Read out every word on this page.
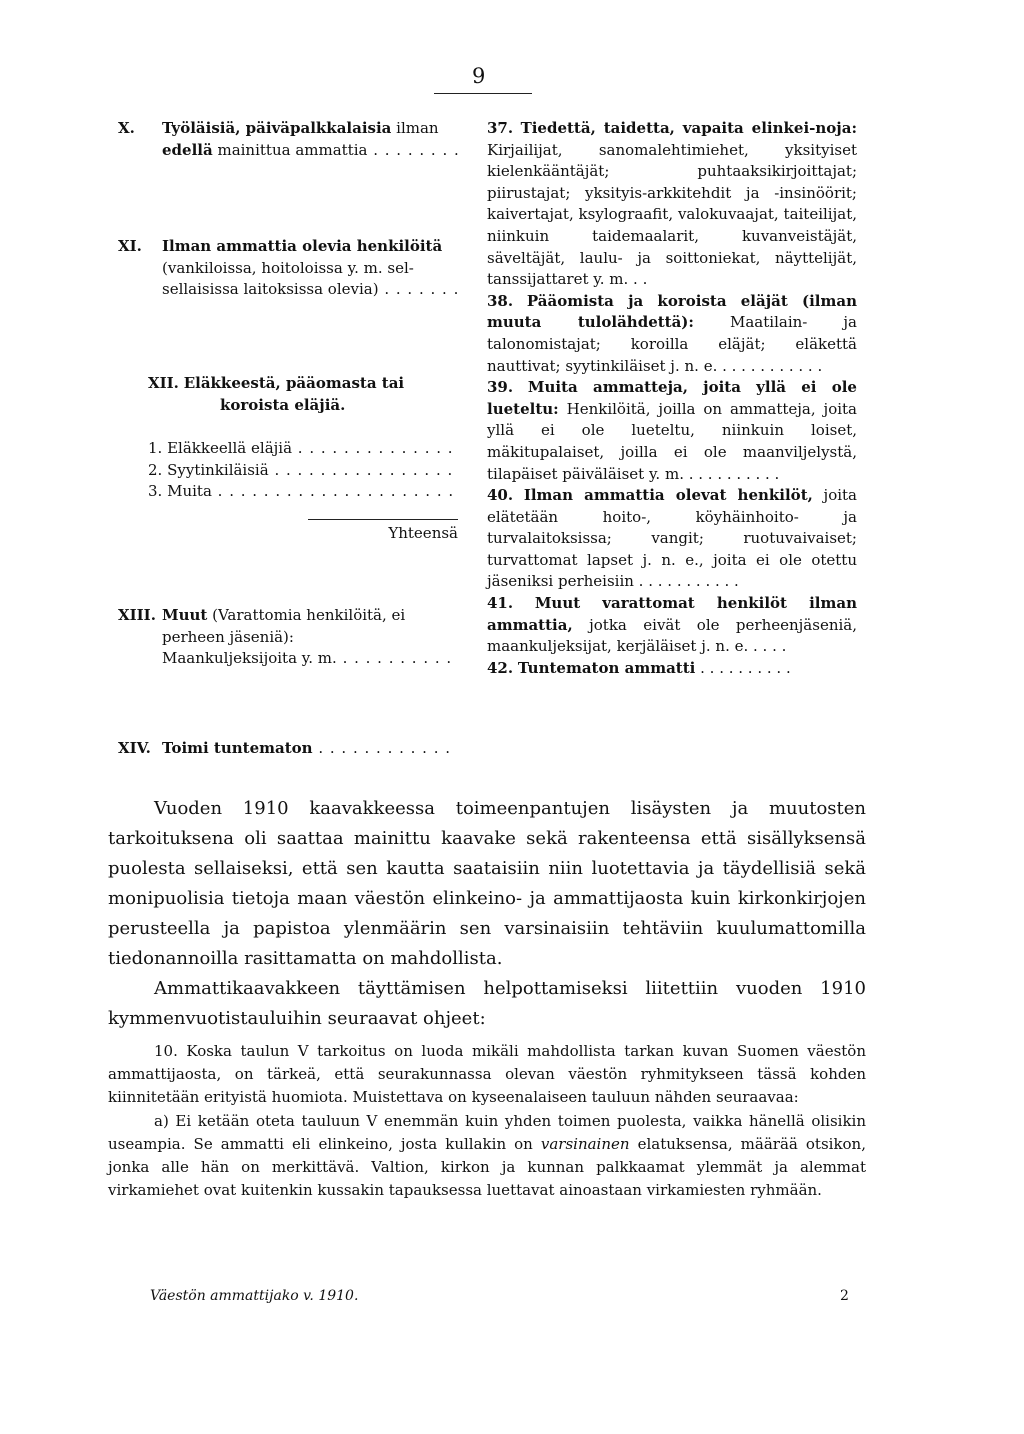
9
X. Työläisiä, päiväpalkkalaisia ilman
edellä mainittua ammattia . . .
XI. Ilman ammattia olevia henkilöitä
(vankiloissa, hoitoloissa y. m. sel-
sellaisissa laitoksissa olevia) . . .
XII. Eläkkeestä, pääomasta tai
koroista eläjiä.
1. Eläkkeellä eläjiä . . .
2. Syytinkiläisiä . . .
3. Muita . . .
Yhteensä
XIII. Muut (Varattomia henkilöitä, ei
perheen jäseniä):
Maankuljeksijoita y. m. . . .
XIV. Toimi tuntematon . . .

37. Tiedettä, taidetta, vapaita elinkei-noja: Kirjailijat, sanomalehtimiehet, yksityiset kielenkääntäjät; puhtaaksikirjoittajat; piirustajat; yksityis-arkkitehdit ja -insinöörit; kaivertajat, ksylograafit, valokuvaajat, taiteilijat, niinkuin taidemaalarit, kuvanveistäjät, säveltäjät, laulu- ja soittoniekat, näyttelijät, tanssijattaret y. m. . .

38. Pääomista ja koroista eläjät (ilman muuta tulolähdettä): Maatilain- ja talonomistajat; koroilla eläjät; eläkettä nauttivat; syytinkiläiset j. n. e. . . . . . . . . . . .

39. Muita ammatteja, joita yllä ei ole lueteltu: Henkilöitä, joilla on ammatteja, joita yllä ei ole lueteltu, niinkuin loiset, mäkitupalaiset, joilla ei ole maanviljelystä, tilapäiset päiväläiset y. m. . . . . . . . . . .

40. Ilman ammattia olevat henkilöt, joita elätetään hoito-, köyhäinhoito- ja turvalaitoksissa; vangit; ruotuvaivaiset; turvattomat lapset j. n. e., joita ei ole otettu jäseniksi perheisiin . . . . . . . . . . .

41. Muut varattomat henkilöt ilman ammattia, jotka eivät ole perheenjäseniä, maankuljeksijat, kerjäläiset j. n. e. . . . .

42. Tuntematon ammatti . . . . . . . . . .

Vuoden 1910 kaavakkeessa toimeenpantujen lisäysten ja muutosten tarkoituksena oli saattaa mainittu kaavake sekä rakenteensa että sisällyksensä puolesta sellaiseksi, että sen kautta saataisiin niin luotettavia ja täydellisiä sekä monipuolisia tietoja maan väestön elinkeino- ja ammattijaosta kuin kirkonkirjojen perusteella ja papistoa ylenmäärin sen varsinaisiin tehtäviin kuulumattomilla tiedonannoilla rasittamatta on mahdollista.

Ammattikaavakkeen täyttämisen helpottamiseksi liitettiin vuoden 1910 kymmenvuotistauluihin seuraavat ohjeet:

10. Koska taulun V tarkoitus on luoda mikäli mahdollista tarkan kuvan Suomen väestön ammattijaosta, on tärkeä, että seurakunnassa olevan väestön ryhmitykseen tässä kohden kiinnitetään erityistä huomiota. Muistettava on kyseenalaiseen tauluun nähden seuraavaa:

a) Ei ketään oteta tauluun V enemmän kuin yhden toimen puolesta, vaikka hänellä olisikin useampia. Se ammatti eli elinkeino, josta kullakin on varsinainen elatuksensa, määrää otsikon, jonka alle hän on merkittävä. Valtion, kirkon ja kunnan palkkaamat ylemmät ja alemmat virkamiehet ovat kuitenkin kussakin tapauksessa luettavat ainoastaan virkamiesten ryhmään.

Väestön ammattijako v. 1910.	2
